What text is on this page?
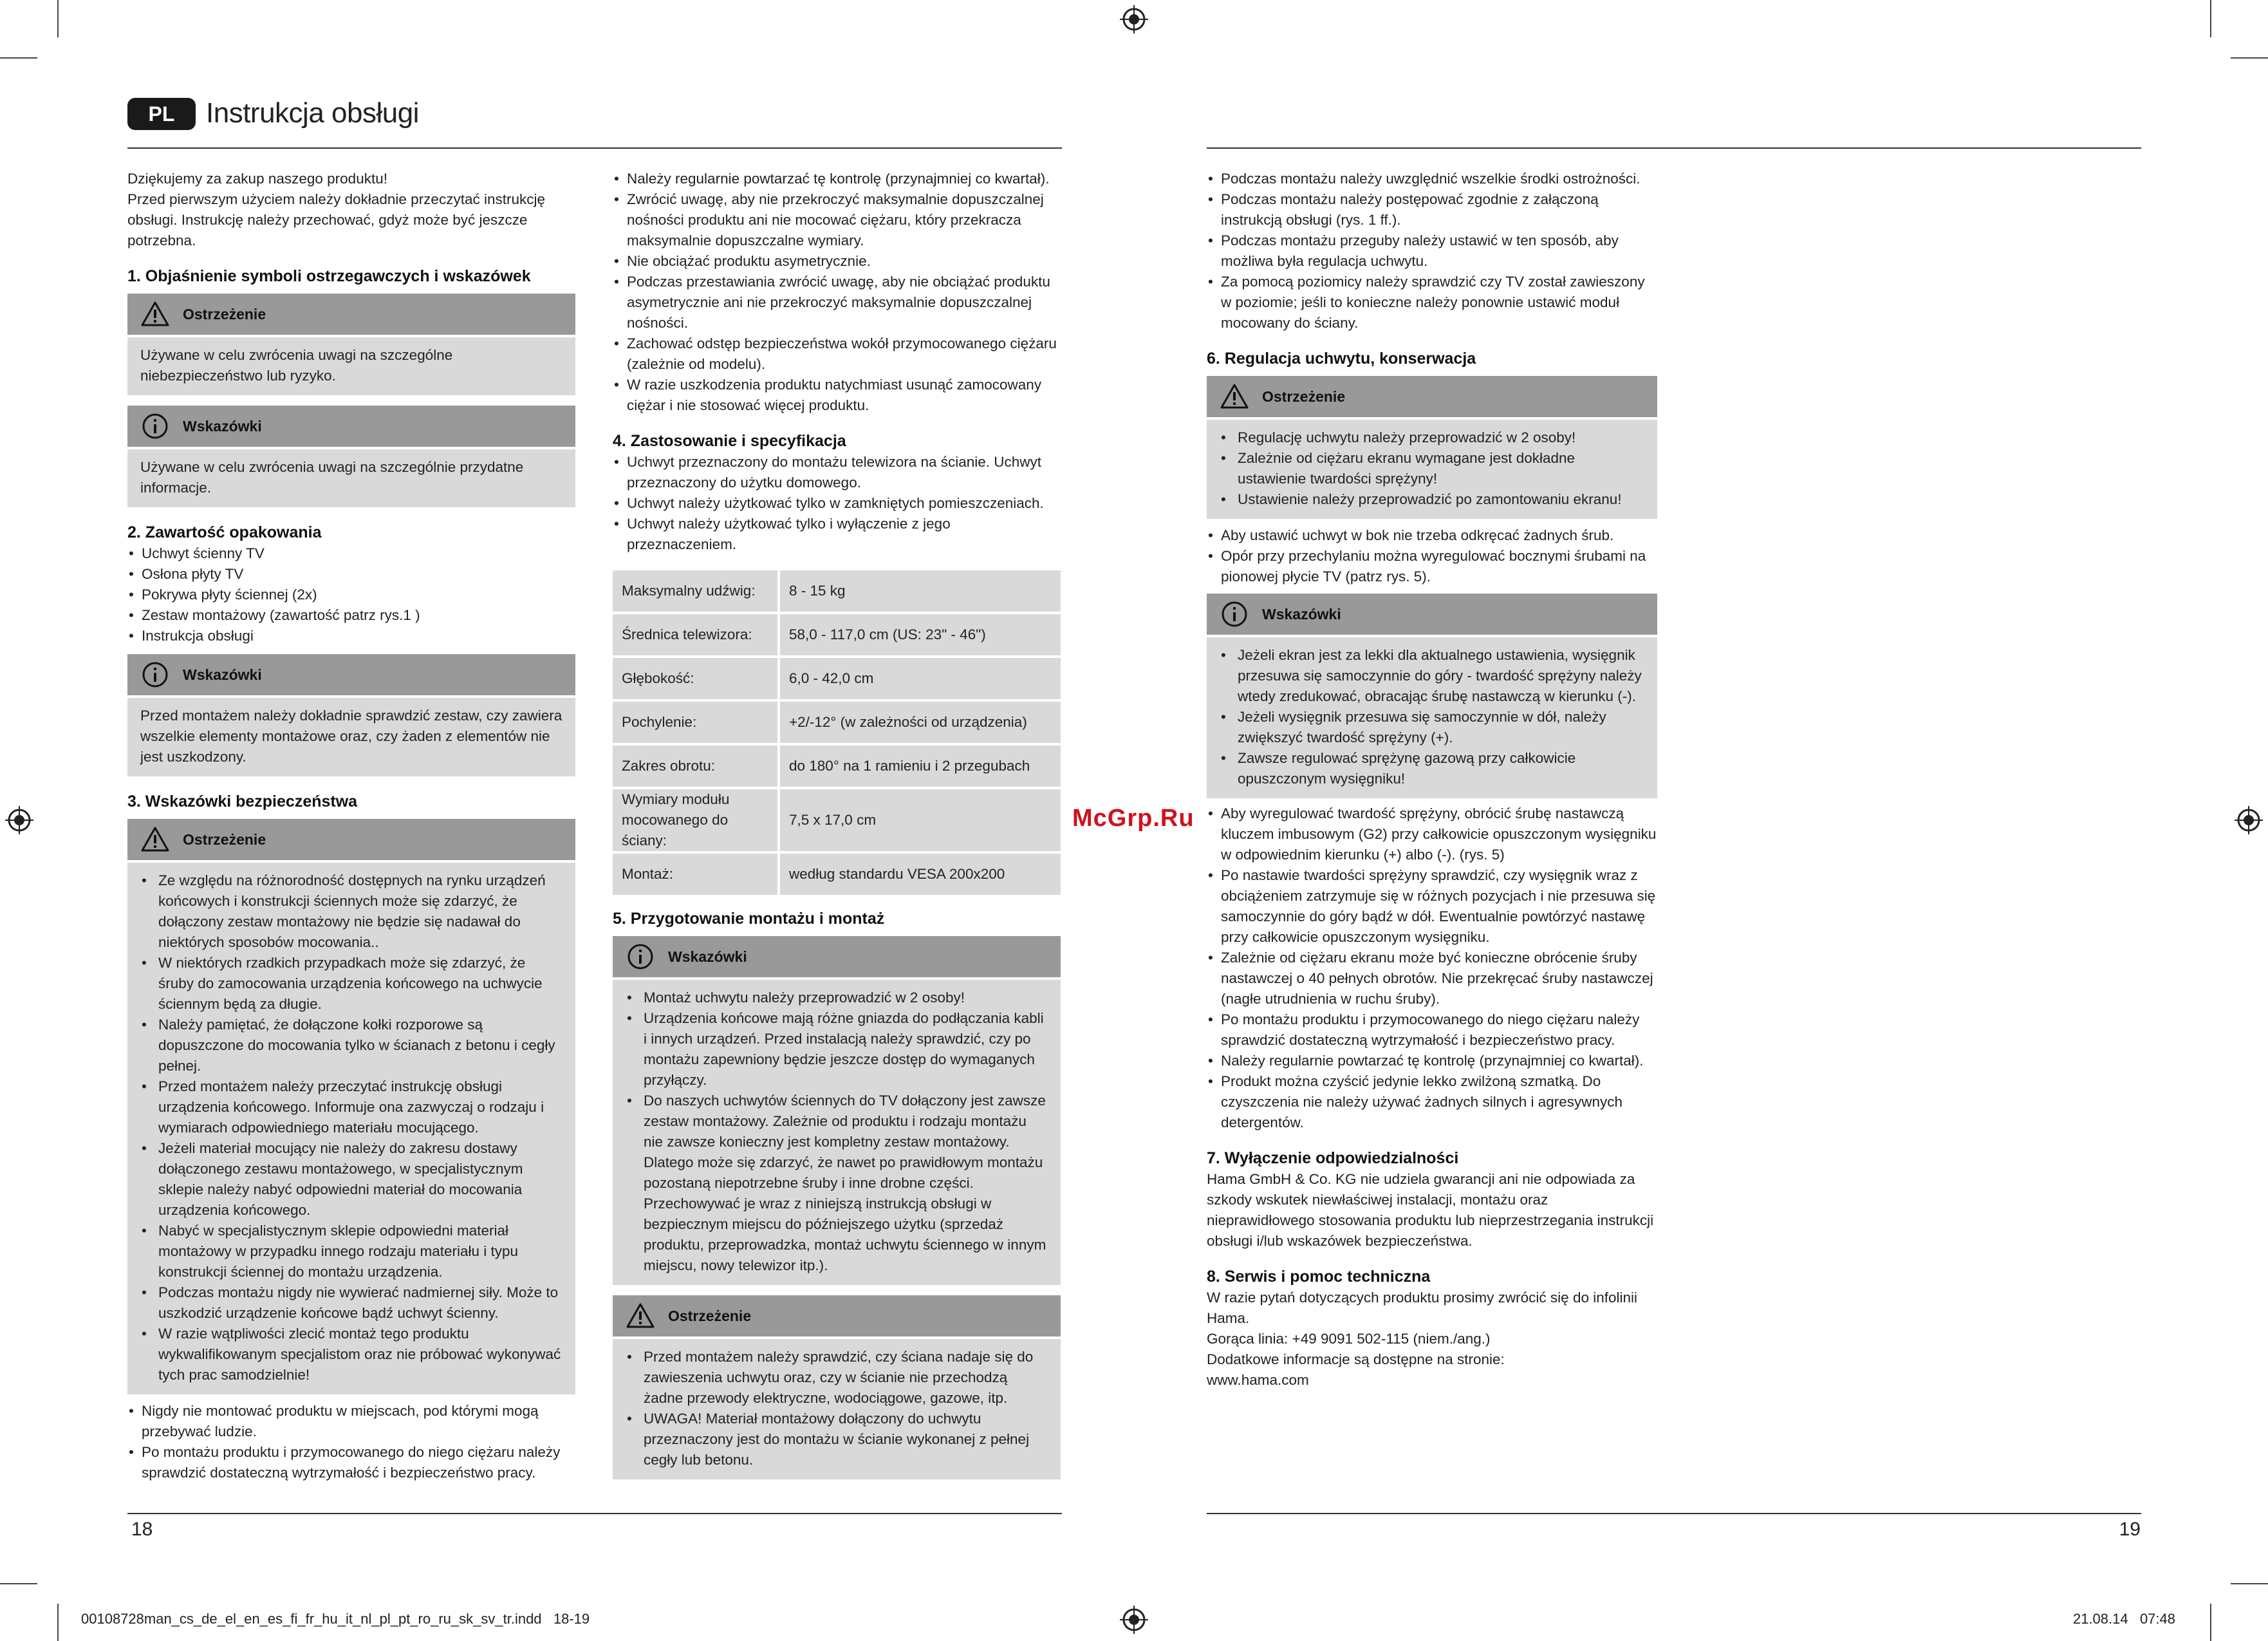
PL Instrukcja obsługi

Dziękujemy za zakup naszego produktu!

Przed pierwszym użyciem należy dokładnie przeczytać instrukcję obsługi. Instrukcję należy przechować, gdyż może być jeszcze potrzebna.

1. Objaśnienie symboli ostrzegawczych i wskazówek
Ostrzeżenie

Używane w celu zwrócenia uwagi na szczególne niebezpieczeństwo lub ryzyko.

Wskazówki

Używane w celu zwrócenia uwagi na szczególnie przydatne informacje.

2. Zawartość opakowania
• Uchwyt ścienny TV
• Osłona płyty TV
• Pokrywa płyty ściennej (2x)
• Zestaw montażowy (zawartość patrz rys.1 )
• Instrukcja obsługi
Wskazówki

Przed montażem należy dokładnie sprawdzić zestaw, czy zawiera wszelkie elementy montażowe oraz, czy żaden z elementów nie jest uszkodzony.

3. Wskazówki bezpieczeństwa
Ostrzeżenie
• Ze względu na różnorodność dostępnych na rynku urządzeń końcowych i konstrukcji ściennych może się zdarzyć, że dołączony zestaw montażowy nie będzie się nadawał do niektórych sposobów mocowania..
• W niektórych rzadkich przypadkach może się zdarzyć, że śruby do zamocowania urządzenia końcowego na uchwycie ściennym będą za długie.
• Należy pamiętać, że dołączone kołki rozporowe są dopuszczone do mocowania tylko w ścianach z betonu i cegły pełnej.
• Przed montażem należy przeczytać instrukcję obsługi urządzenia końcowego. Informuje ona zazwyczaj o rodzaju i wymiarach odpowiedniego materiału mocującego.
• Jeżeli materiał mocujący nie należy do zakresu dostawy dołączonego zestawu montażowego, w specjalistycznym sklepie należy nabyć odpowiedni materiał do mocowania urządzenia końcowego.
• Nabyć w specjalistycznym sklepie odpowiedni materiał montażowy w przypadku innego rodzaju materiału i typu konstrukcji ściennej do montażu urządzenia.
• Podczas montażu nigdy nie wywierać nadmiernej siły. Może to uszkodzić urządzenie końcowe bądź uchwyt ścienny.
• W razie wątpliwości zlecić montaż tego produktu wykwalifikowanym specjalistom oraz nie próbować wykonywać tych prac samodzielnie!
• Nigdy nie montować produktu w miejscach, pod którymi mogą przebywać ludzie.
• Po montażu produktu i przymocowanego do niego ciężaru należy sprawdzić dostateczną wytrzymałość i bezpieczeństwo pracy.
• Należy regularnie powtarzać tę kontrolę (przynajmniej co kwartał).
• Zwrócić uwagę, aby nie przekroczyć maksymalnie dopuszczalnej nośności produktu ani nie mocować ciężaru, który przekracza maksymalnie dopuszczalne wymiary.
• Nie obciążać produktu asymetrycznie.
• Podczas przestawiania zwrócić uwagę, aby nie obciążać produktu asymetrycznie ani nie przekroczyć maksymalnie dopuszczalnej nośności.
• Zachować odstęp bezpieczeństwa wokół przymocowanego ciężaru (zależnie od modelu).
• W razie uszkodzenia produktu natychmiast usunąć zamocowany ciężar i nie stosować więcej produktu.
4. Zastosowanie i specyfikacja
• Uchwyt przeznaczony do montażu telewizora na ścianie. Uchwyt przeznaczony do użytku domowego.
• Uchwyt należy użytkować tylko w zamkniętych pomieszczeniach.
• Uchwyt należy użytkować tylko i wyłączenie z jego przeznaczeniem.
Maksymalny udźwig:	8 - 15 kg
Średnica telewizora:	58,0 - 117,0 cm (US: 23" - 46")
Głębokość:	6,0 - 42,0 cm
Pochylenie:	+2/-12° (w zależności od urządzenia)
Zakres obrotu:	do 180° na 1 ramieniu i 2 przegubach
Wymiary modułu mocowanego do ściany:	7,5 x 17,0 cm
Montaż:	według standardu VESA 200x200
5. Przygotowanie montażu i montaż
Wskazówki
• Montaż uchwytu należy przeprowadzić w 2 osoby!
• Urządzenia końcowe mają różne gniazda do podłączania kabli i innych urządzeń. Przed instalacją należy sprawdzić, czy po montażu zapewniony będzie jeszcze dostęp do wymaganych przyłączy.
• Do naszych uchwytów ściennych do TV dołączony jest zawsze zestaw montażowy. Zależnie od produktu i rodzaju montażu nie zawsze konieczny jest kompletny zestaw montażowy. Dlatego może się zdarzyć, że nawet po prawidłowym montażu pozostaną niepotrzebne śruby i inne drobne części. Przechowywać je wraz z niniejszą instrukcją obsługi w bezpiecznym miejscu do późniejszego użytku (sprzedaż produktu, przeprowadzka, montaż uchwytu ściennego w innym miejscu, nowy telewizor itp.).
Ostrzeżenie
• Przed montażem należy sprawdzić, czy ściana nadaje się do zawieszenia uchwytu oraz, czy w ścianie nie przechodzą żadne przewody elektryczne, wodociągowe, gazowe, itp.
• UWAGA! Materiał montażowy dołączony do uchwytu przeznaczony jest do montażu w ścianie wykonanej z pełnej cegły lub betonu.
• Podczas montażu należy uwzględnić wszelkie środki ostrożności.
• Podczas montażu należy postępować zgodnie z załączoną instrukcją obsługi (rys. 1 ff.).
• Podczas montażu przeguby należy ustawić w ten sposób, aby możliwa była regulacja uchwytu.
• Za pomocą poziomicy należy sprawdzić czy TV został zawieszony w poziomie; jeśli to konieczne należy ponownie ustawić moduł mocowany do ściany.
6. Regulacja uchwytu, konserwacja
Ostrzeżenie
• Regulację uchwytu należy przeprowadzić w 2 osoby!
• Zależnie od ciężaru ekranu wymagane jest dokładne ustawienie twardości sprężyny!
• Ustawienie należy przeprowadzić po zamontowaniu ekranu!
• Aby ustawić uchwyt w bok nie trzeba odkręcać żadnych śrub.
• Opór przy przechylaniu można wyregulować bocznymi śrubami na pionowej płycie TV (patrz rys. 5).
Wskazówki
• Jeżeli ekran jest za lekki dla aktualnego ustawienia, wysięgnik przesuwa się samoczynnie do góry - twardość sprężyny należy wtedy zredukować, obracając śrubę nastawczą w kierunku (-).
• Jeżeli wysięgnik przesuwa się samoczynnie w dół, należy zwiększyć twardość sprężyny (+).
• Zawsze regulować sprężynę gazową przy całkowicie opuszczonym wysięgniku!
• Aby wyregulować twardość sprężyny, obrócić śrubę nastawczą kluczem imbusowym (G2) przy całkowicie opuszczonym wysięgniku w odpowiednim kierunku (+) albo (-). (rys. 5)
• Po nastawie twardości sprężyny sprawdzić, czy wysięgnik wraz z obciążeniem zatrzymuje się w różnych pozycjach i nie przesuwa się samoczynnie do góry bądź w dół. Ewentualnie powtórzyć nastawę przy całkowicie opuszczonym wysięgniku.
• Zależnie od ciężaru ekranu może być konieczne obrócenie śruby nastawczej o 40 pełnych obrotów. Nie przekręcać śruby nastawczej (nagłe utrudnienia w ruchu śruby).
• Po montażu produktu i przymocowanego do niego ciężaru należy sprawdzić dostateczną wytrzymałość i bezpieczeństwo pracy.
• Należy regularnie powtarzać tę kontrolę (przynajmniej co kwartał).
• Produkt można czyścić jedynie lekko zwilżoną szmatką. Do czyszczenia nie należy używać żadnych silnych i agresywnych detergentów.
7. Wyłączenie odpowiedzialności

Hama GmbH & Co. KG nie udziela gwarancji ani nie odpowiada za szkody wskutek niewłaściwej instalacji, montażu oraz nieprawidłowego stosowania produktu lub nieprzestrzegania instrukcji obsługi i/lub wskazówek bezpieczeństwa.

8. Serwis i pomoc techniczna

W razie pytań dotyczących produktu prosimy zwrócić się do infolinii Hama.

Gorąca linia: +49 9091 502-115 (niem./ang.)

Dodatkowe informacje są dostępne na stronie:

www.hama.com

McGrp.Ru
18	19
00108728man_cs_de_el_en_es_fi_fr_hu_it_nl_pl_pt_ro_ru_sk_sv_tr.indd   18-19	21.08.14   07:48
